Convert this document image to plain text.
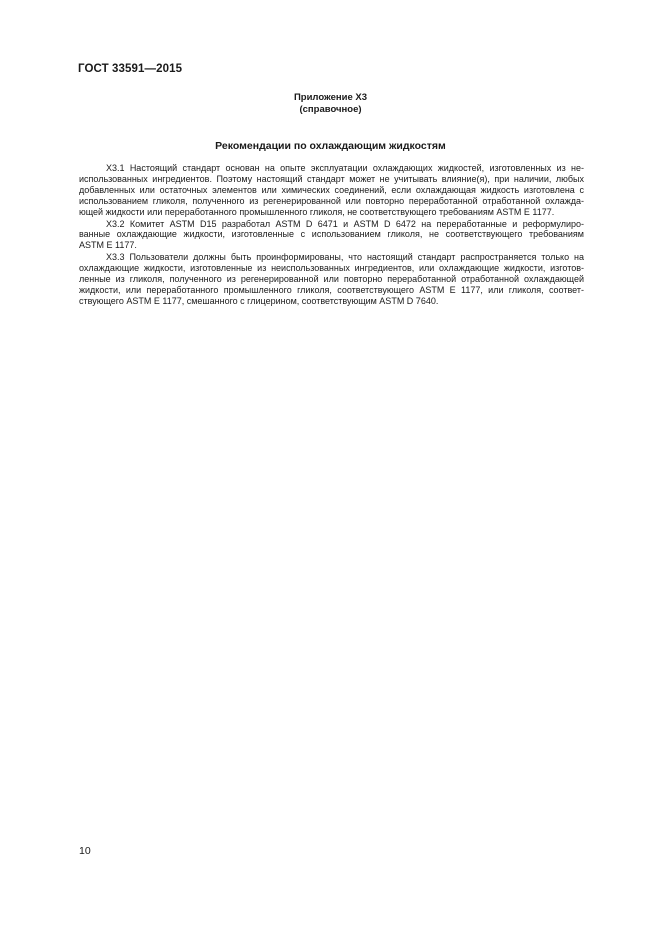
ГОСТ 33591—2015
Приложение Х3
(справочное)
Рекомендации по охлаждающим жидкостям
Х3.1 Настоящий стандарт основан на опыте эксплуатации охлаждающих жидкостей, изготовленных из не-
использованных ингредиентов. Поэтому настоящий стандарт может не учитывать влияние(я), при наличии, любых
добавленных или остаточных элементов или химических соединений, если охлаждающая жидкость изготовлена с
использованием гликоля, полученного из регенерированной или повторно переработанной отработанной охлажда-
ющей жидкости или переработанного промышленного гликоля, не соответствующего требованиям ASTM E 1177.
Х3.2 Комитет ASTM D15 разработал ASTM D 6471 и ASTM D 6472 на переработанные и реформулиро-
ванные охлаждающие жидкости, изготовленные с использованием гликоля, не соответствующего требованиям
ASTM E 1177.
Х3.3 Пользователи должны быть проинформированы, что настоящий стандарт распространяется только на
охлаждающие жидкости, изготовленные из неиспользованных ингредиентов, или охлаждающие жидкости, изготов-
ленные из гликоля, полученного из регенерированной или повторно переработанной отработанной охлаждающей
жидкости, или переработанного промышленного гликоля, соответствующего ASTM E 1177, или гликоля, соответ-
ствующего ASTM E 1177, смешанного с глицерином, соответствующим ASTM D 7640.
10
